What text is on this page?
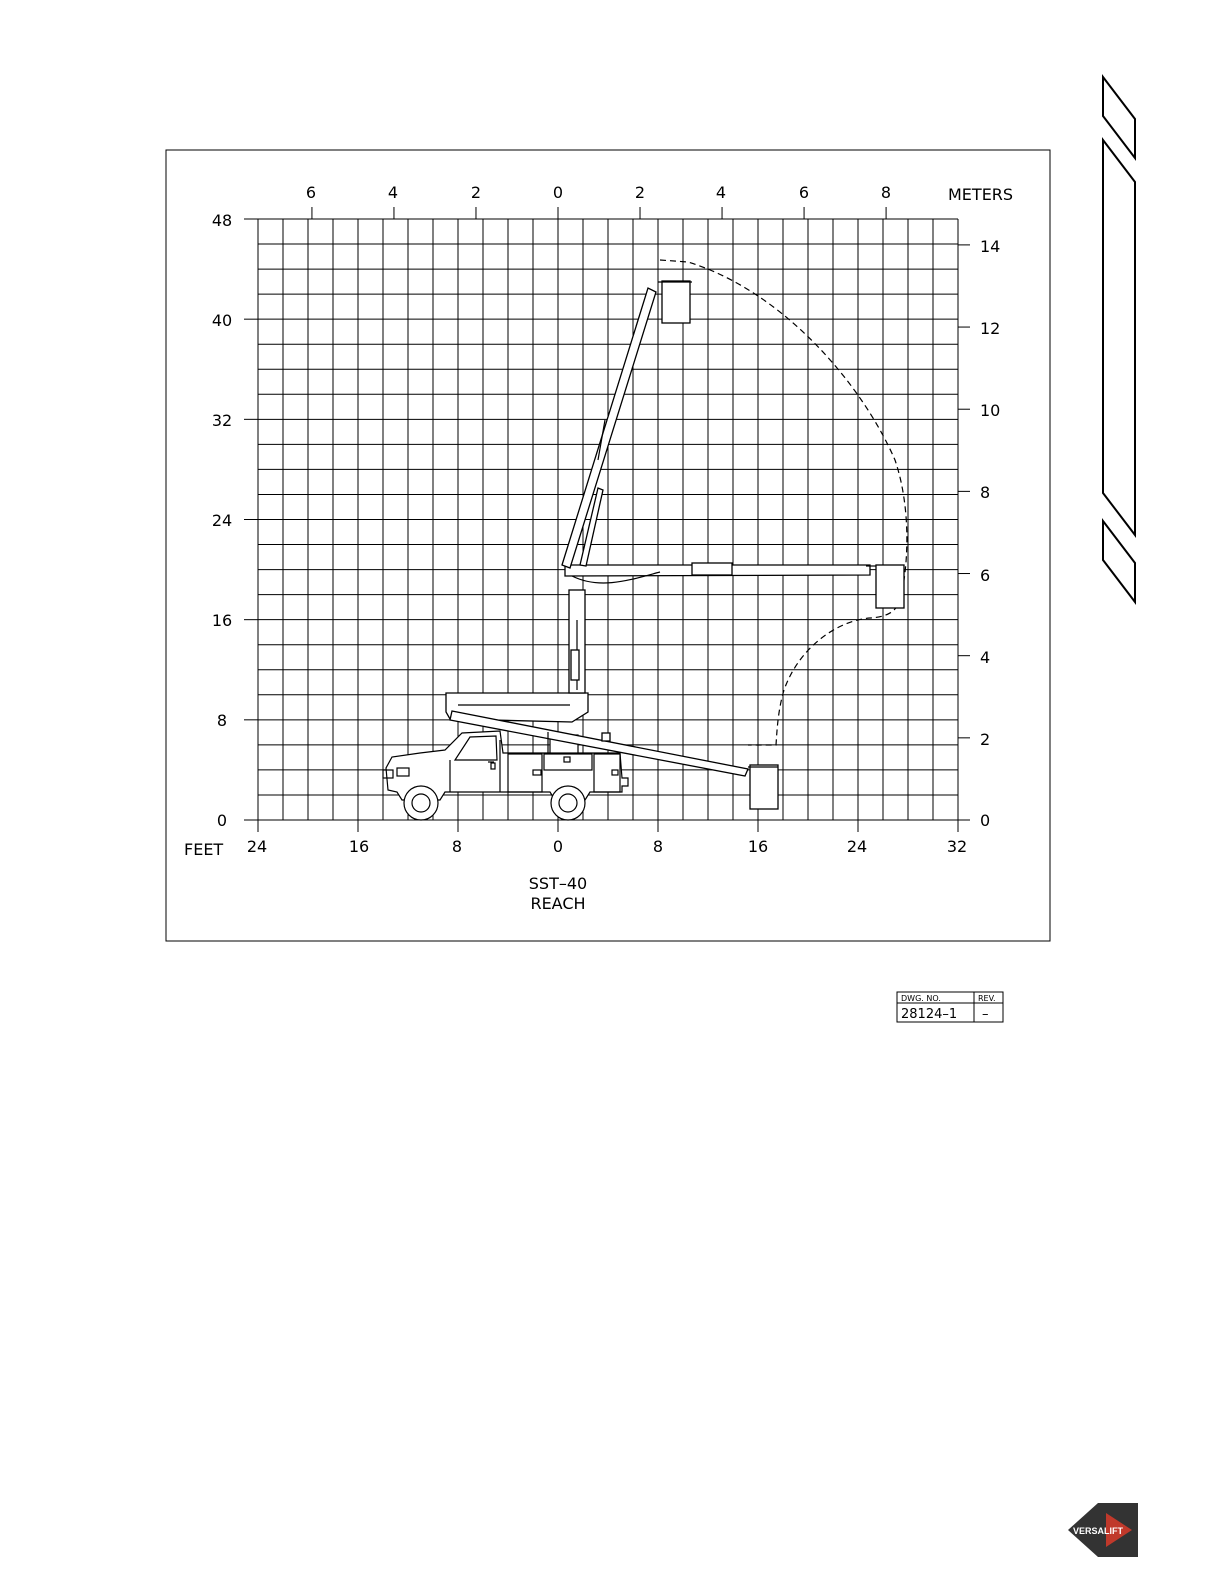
0
8
16
24
32
40
48
24	16	8	0	8	16	24	32
6	4	2	0	2	4	6	8
0
2
4
6
8
10
12
14
FEET
METERS
SST–40
REACH
DWG. NO.	REV.
28124–1 –
VERSALIFT
